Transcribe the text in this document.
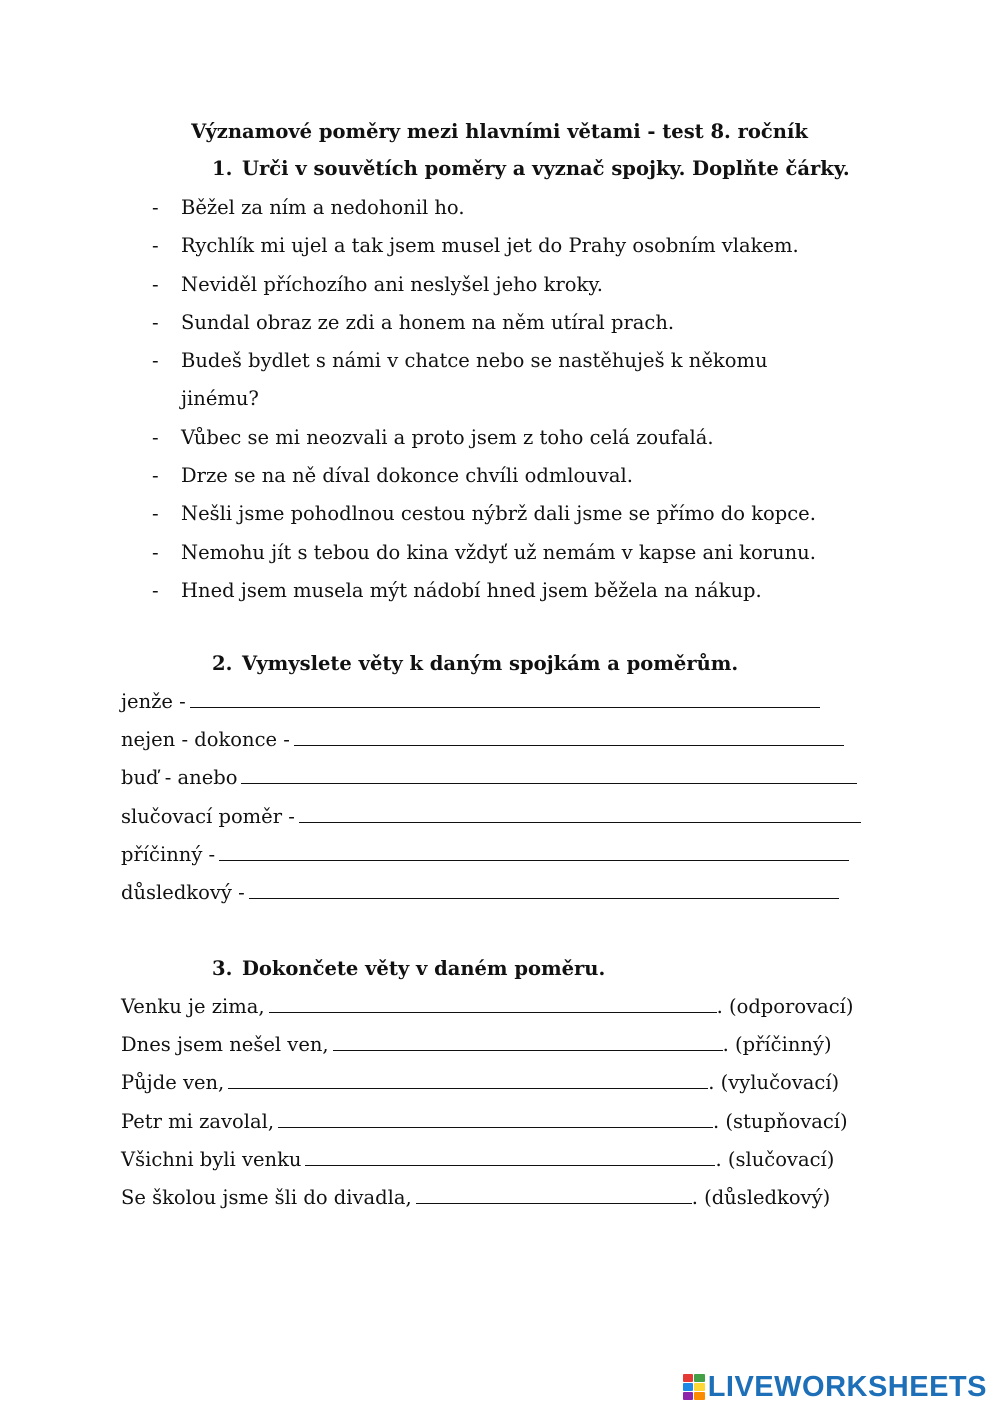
Významové poměry mezi hlavními větami - test 8. ročník
1. Urči v souvětích poměry a vyznač spojky. Doplňte čárky.
- Běžel za ním a nedohonil ho.
- Rychlík mi ujel a tak jsem musel jet do Prahy osobním vlakem.
- Neviděl příchozího ani neslyšel jeho kroky.
- Sundal obraz ze zdi a honem na něm utíral prach.
- Budeš bydlet s námi v chatce nebo se nastěhuješ k někomu jinému?
- Vůbec se mi neozvali a proto jsem z toho celá zoufalá.
- Drze se na ně díval dokonce chvíli odmlouval.
- Nešli jsme pohodlnou cestou nýbrž dali jsme se přímo do kopce.
- Nemohu jít s tebou do kina vždyť už nemám v kapse ani korunu.
- Hned jsem musela mýt nádobí hned jsem běžela na nákup.
2. Vymyslete věty k daným spojkám a poměrům.
jenže -
nejen - dokonce -
buď - anebo
slučovací poměr -
příčinný -
důsledkový -
3. Dokončete věty v daném poměru.
Venku je zima,	. (odporovací)
Dnes jsem nešel ven,	. (příčinný)
Půjde ven,	. (vylučovací)
Petr mi zavolal,	. (stupňovací)
Všichni byli venku	. (slučovací)
Se školou jsme šli do divadla,	. (důsledkový)
LIVEWORKSHEETS
